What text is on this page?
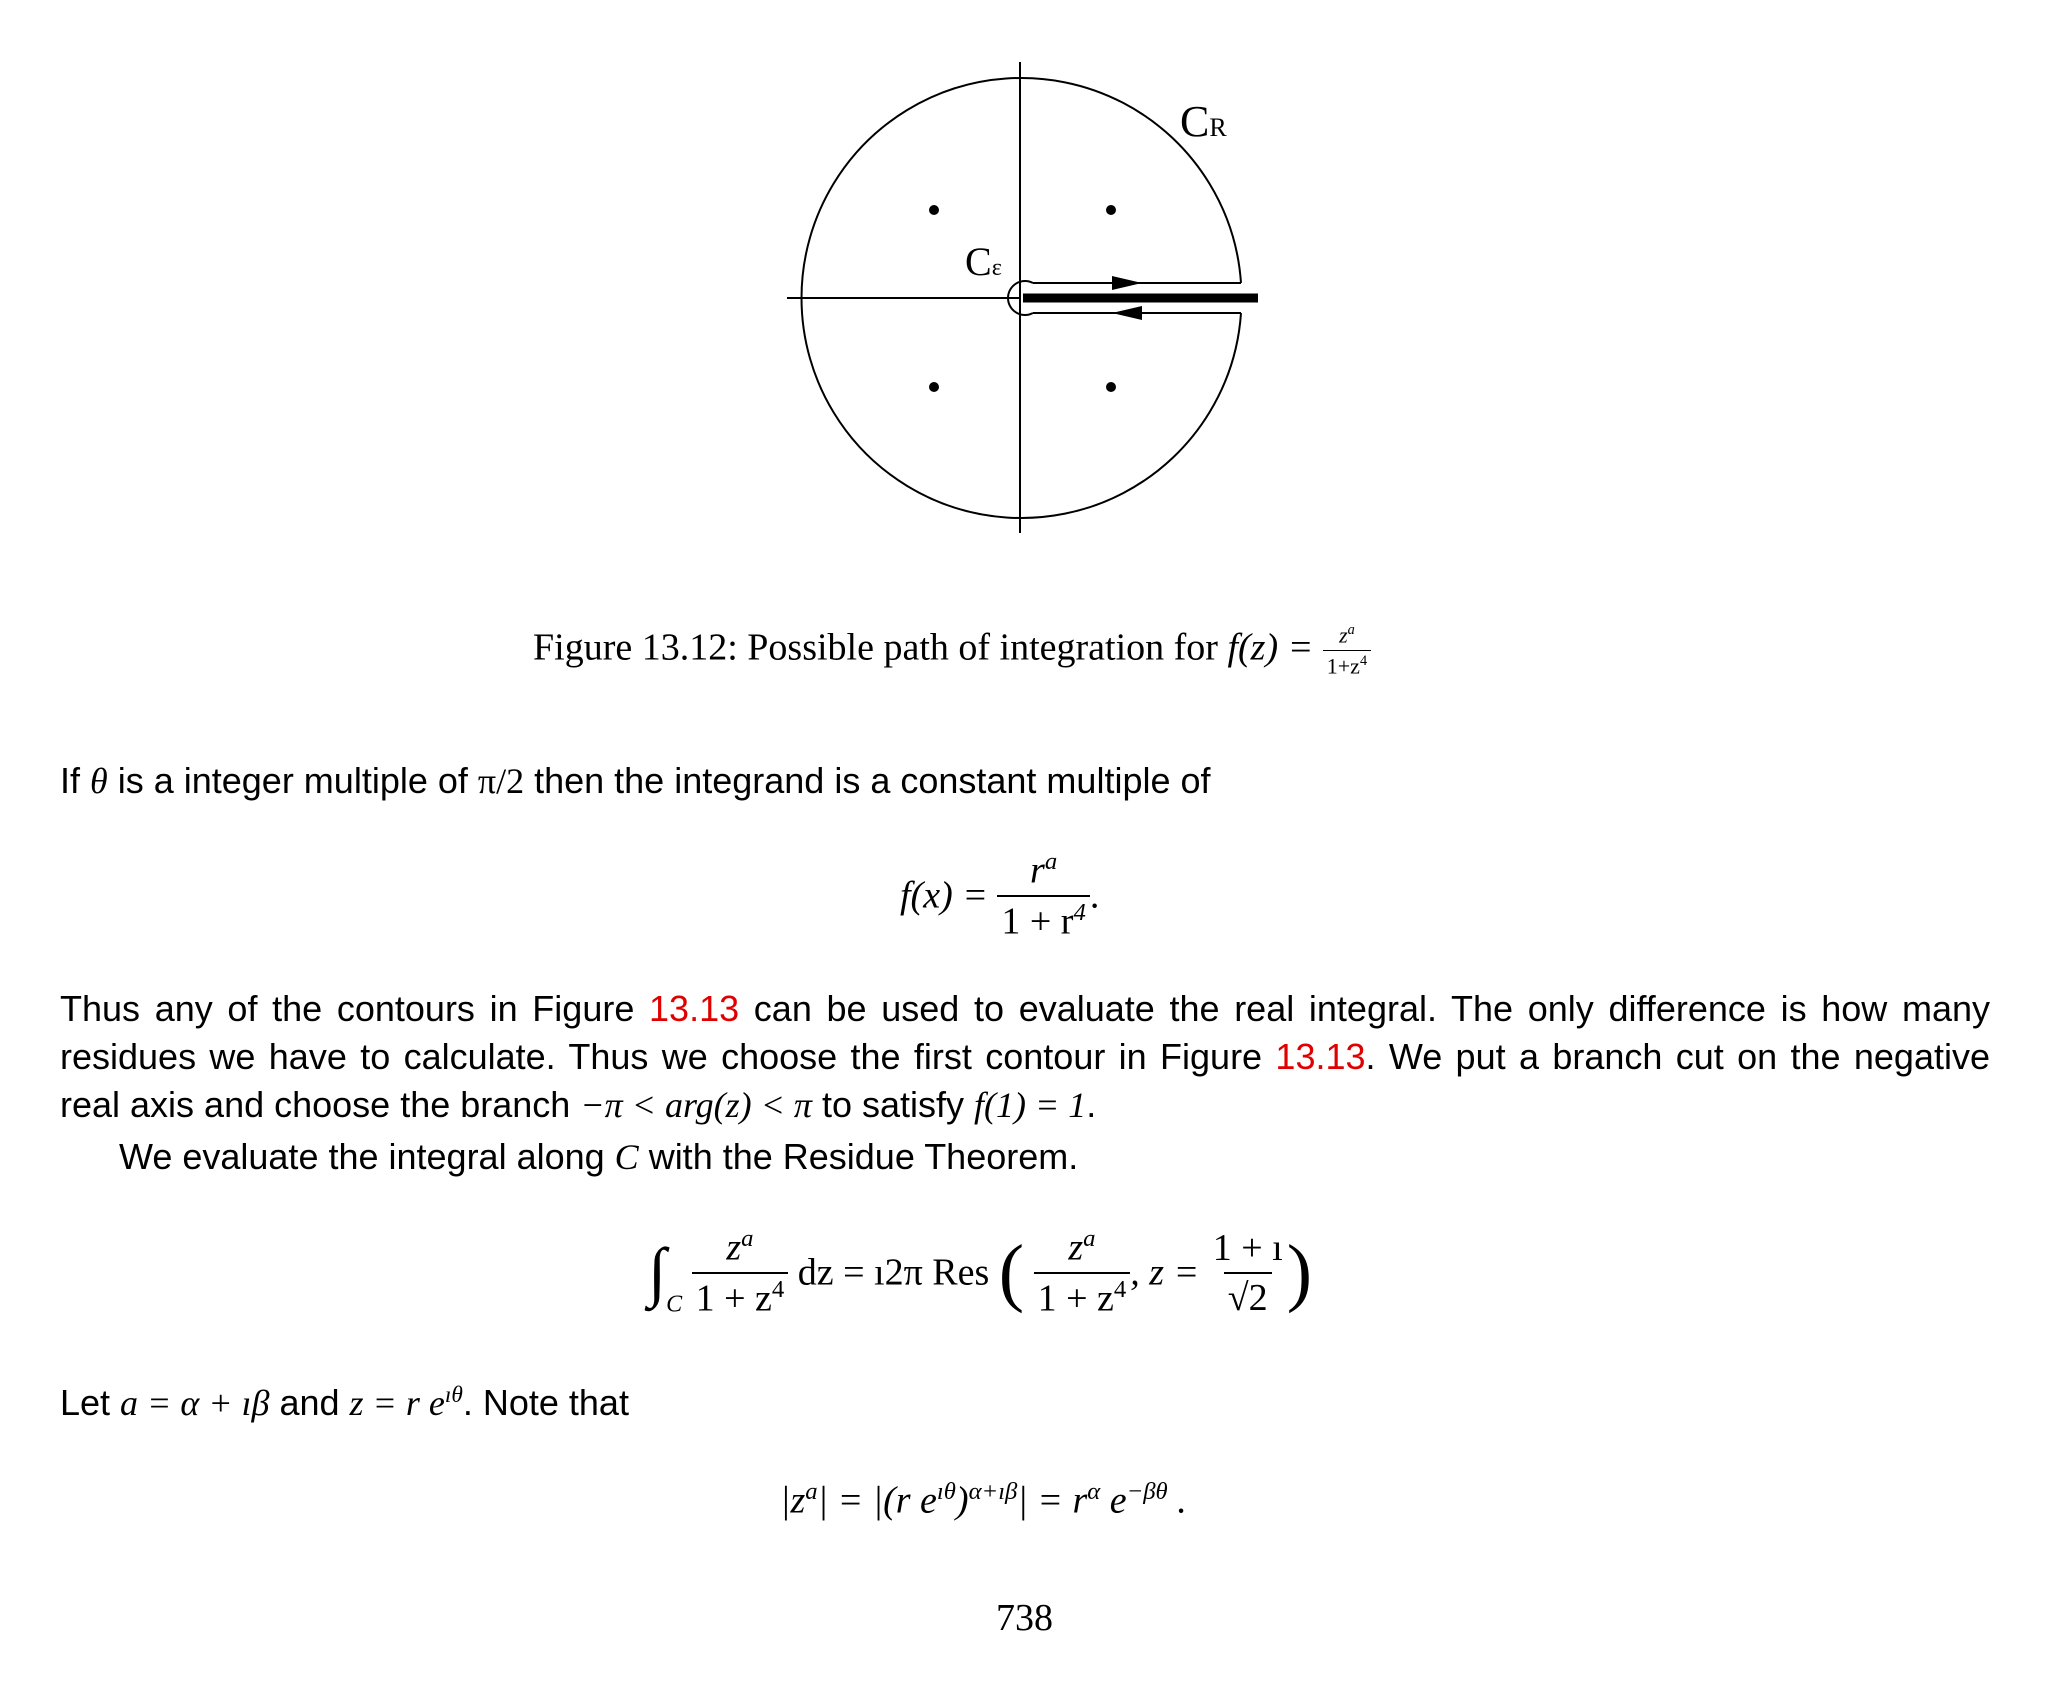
CR
Cε
Figure 13.12: Possible path of integration for $f(z) = \frac{z^a}{1+z^4}$
If θ is a integer multiple of π/2 then the integrand is a constant multiple of
$f(x) = \frac{r^a}{1 + r^4}$ .
Thus any of the contours in Figure 13.13 can be used to evaluate the real integral. The only difference is how many
residues we have to calculate. Thus we choose the first contour in Figure 13.13. We put a branch cut on the negative
real axis and choose the branch −π < arg(z) < π to satisfy f(1) = 1.
We evaluate the integral along C with the Residue Theorem.
$\int_C \frac{z^a}{1 + z^4}$ dz = ı2π Res ( $\frac{z^a}{1 + z^4}$ , $z = \frac{1 + ı}{√2}$ )
Let a = α + ıβ and z = r $e^{ı\theta}$. Note that
$|z^a| = |(r$ $e^{ı\theta})^{\alpha+ı\beta}| = r^\alpha$ $e^{-\beta\theta}$ .
738
